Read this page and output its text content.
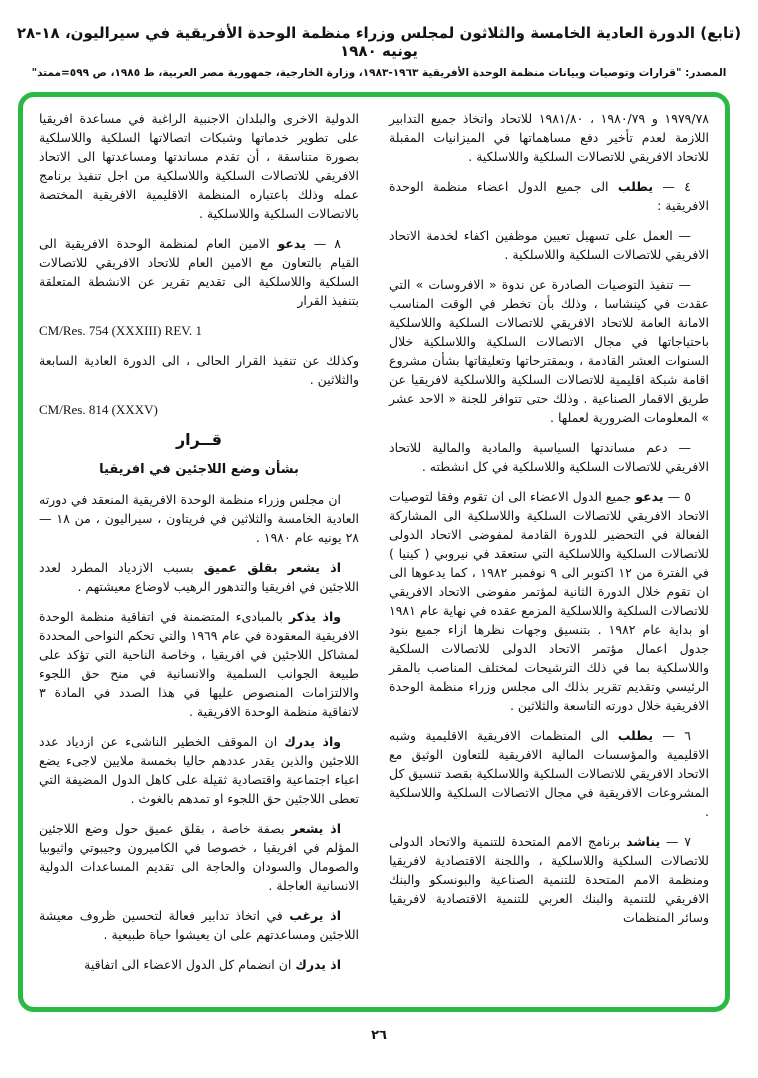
(تابع) الدورة العادية الخامسة والثلاثون لمجلس وزراء منظمة الوحدة الأفريقية في سيراليون، ١٨-٢٨ يونيه ١٩٨٠
المصدر: "قرارات وتوصيات وبيانات منظمة الوحدة الأفريقية ١٩٦٣-١٩٨٣، وزارة الخارجية، جمهورية مصر العربية، ط ١٩٨٥، ص ٥٩٩=ممتد"

١٩٧٩/٧٨ و ١٩٨٠/٧٩ ، ١٩٨١/٨٠ للاتحاد واتخاذ جميع التدابير اللازمة لعدم تأخير دفع مساهماتها في الميزانيات المقبلة للاتحاد الافريقي للاتصالات السلكية واللاسلكية .

٤ — يطلب الى جميع الدول اعضاء منظمة الوحدة الافريقية :

— العمل على تسهيل تعيين موظفين اكفاء لخدمة الاتحاد الافريقي للاتصالات السلكية واللاسلكية .

— تنفيذ التوصيات الصادرة عن ندوة « الافروسات » التي عقدت في كينشاسا ، وذلك بأن تخطر في الوقت المناسب الامانة العامة للاتحاد الافريقي للاتصالات السلكية واللاسلكية باحتياجاتها في مجال الاتصالات السلكية واللاسلكية خلال السنوات العشر القادمة ، وبمقترحاتها وتعليقاتها بشأن مشروع اقامة شبكة اقليمية للاتصالات السلكية واللاسلكية لافريقيا عن طريق الاقمار الصناعية . وذلك حتى تتوافر للجنة « الاحد عشر » المعلومات الضرورية لعملها .

— دعم مساندتها السياسية والمادية والمالية للاتحاد الافريقي للاتصالات السلكية واللاسلكية في كل انشطته .

٥ — يدعو جميع الدول الاعضاء الى ان تقوم وفقا لتوصيات الاتحاد الافريقي للاتصالات السلكية واللاسلكية الى المشاركة الفعالة في التحضير للدورة القادمة لمفوضى الاتحاد الدولى للاتصالات السلكية واللاسلكية التي ستعقد في نيروبي ( كينيا ) في الفترة من ١٢ اكتوبر الى ٩ نوفمبر ١٩٨٢ ، كما يدعوها الى ان تقوم خلال الدورة الثانية لمؤتمر مفوضى الاتحاد الافريقي للاتصالات السلكية واللاسلكية المزمع عقده في نهاية عام ١٩٨١ او بداية عام ١٩٨٢ . بتنسيق وجهات نظرها ازاء جميع بنود جدول اعمال مؤتمر الاتحاد الدولى للاتصالات السلكية واللاسلكية بما في ذلك الترشيحات لمختلف المناصب بالمقر الرئيسي وتقديم تقرير بذلك الى مجلس وزراء منظمة الوحدة الافريقية خلال دورته التاسعة والثلاثين .

٦ — يطلب الى المنظمات الافريقية الاقليمية وشبه الاقليمية والمؤسسات المالية الافريقية للتعاون الوثيق مع الاتحاد الافريقي للاتصالات السلكية واللاسلكية بقصد تنسيق كل المشروعات الافريقية في مجال الاتصالات السلكية واللاسلكية .

٧ — يناشد برنامج الامم المتحدة للتنمية والاتحاد الدولى للاتصالات السلكية واللاسلكية ، واللجنة الاقتصادية لافريقيا ومنظمة الامم المتحدة للتنمية الصناعية والبونسكو والبنك الافريقي للتنمية والبنك العربي للتنمية الاقتصادية لافريقيا وسائر المنظمات

الدولية الاخرى والبلدان الاجنبية الراغبة في مساعدة افريقيا على تطوير خدماتها وشبكات اتصالاتها السلكية واللاسلكية بصورة متناسقة ، أن تقدم مساندتها ومساعدتها الى الاتحاد الافريقي للاتصالات السلكية واللاسلكية من اجل تنفيذ برنامج عمله وذلك باعتباره المنظمة الاقليمية الافريقية المختصة بالاتصالات السلكية واللاسلكية .

٨ — يدعو الامين العام لمنظمة الوحدة الافريقية الى القيام بالتعاون مع الامين العام للاتحاد الافريقي للاتصالات السلكية واللاسلكية الى تقديم تقرير عن الانشطة المتعلقة بتنفيذ القرار

CM/Res. 754 (XXXIII) REV. 1

وكذلك عن تنفيذ القرار الحالى ، الى الدورة العادية السابعة والثلاثين .

CM/Res. 814 (XXXV)

قــرار

بشأن وضع اللاجئين في افريقيا

ان مجلس وزراء منظمة الوحدة الافريقية المنعقد في دورته العادية الخامسة والثلاثين في فريتاون ، سيراليون ، من ١٨ — ٢٨ يونيه عام ١٩٨٠ .

اذ يشعر بقلق عميق بسبب الازدياد المطرد لعدد اللاجئين في افريقيا والتدهور الرهيب لاوضاع معيشتهم .

واذ يذكر بالمبادىء المتضمنة في اتفاقية منظمة الوحدة الافريقية المعقودة في عام ١٩٦٩ والتي تحكم النواحى المحددة لمشاكل اللاجئين في افريقيا ، وخاصة الناحية التي تؤكد على طبيعة الجوانب السلمية والانسانية في منح حق اللجوء والالتزامات المنصوص عليها في هذا الصدد في المادة ٣ لاتفاقية منظمة الوحدة الافريقية .

واذ يدرك ان الموقف الخطير الناشىء عن ازدياد عدد اللاجئين والذين يقدر عددهم حاليا بخمسة ملايين لاجىء يضع اعباء اجتماعية واقتصادية ثقيلة على كاهل الدول المضيفة التي تعطى اللاجئين حق اللجوء او تمدهم بالغوث .

اذ يشعر بصفة خاصة ، بقلق عميق حول وضع اللاجئين المؤلم في افريقيا ، خصوصا في الكاميرون وجيبوتي واثيوبيا والصومال والسودان والحاجة الى تقديم المساعدات الدولية الانسانية العاجلة .

اذ يرغب في اتخاذ تدابير فعالة لتحسين ظروف معيشة اللاجئين ومساعدتهم على ان يعيشوا حياة طبيعية .

اذ يدرك ان انضمام كل الدول الاعضاء الى اتفاقية

٢٦
